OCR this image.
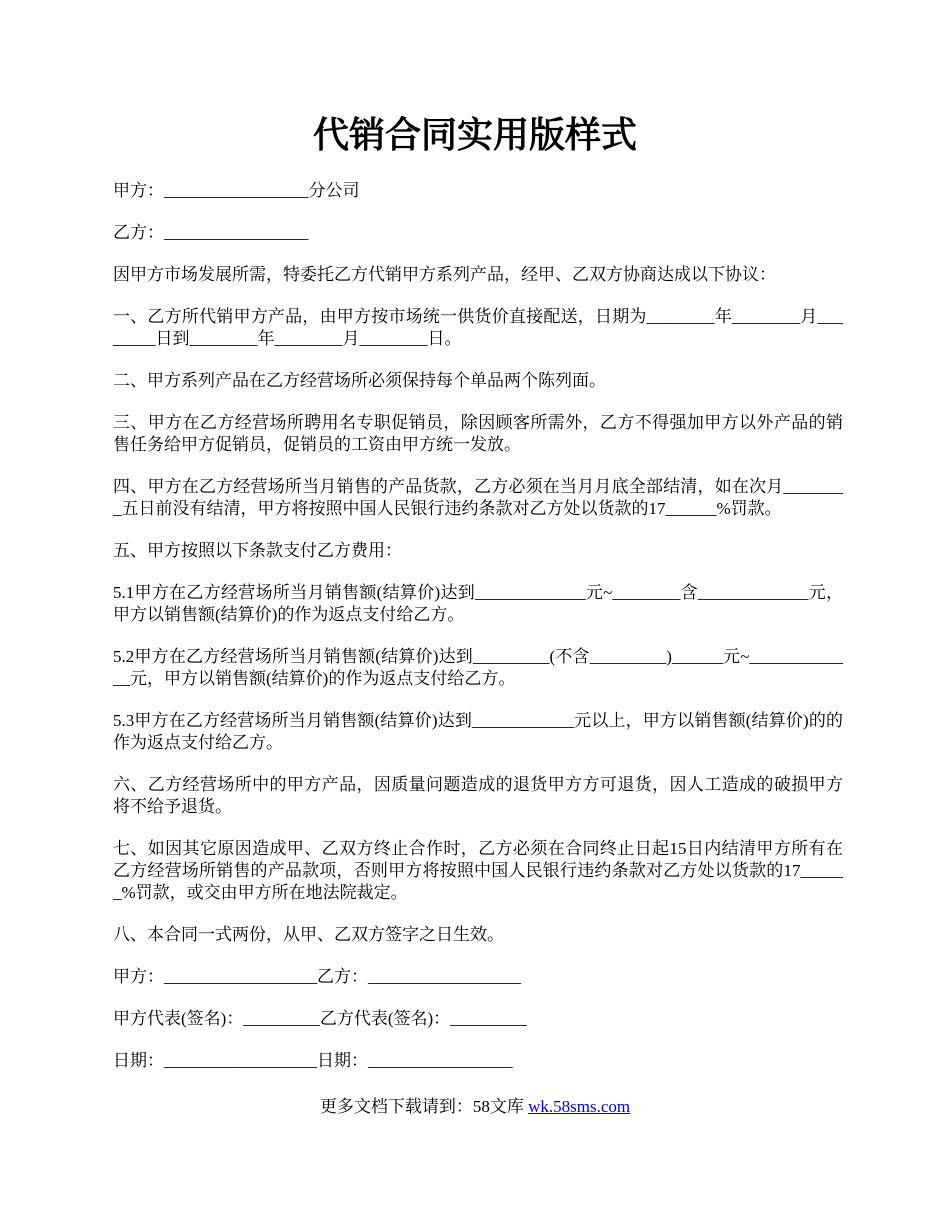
代销合同实用版样式

甲方：_________________分公司

乙方：_________________

因甲方市场发展所需，特委托乙方代销甲方系列产品，经甲、乙双方协商达成以下协议：

一、乙方所代销甲方产品，由甲方按市场统一供货价直接配送，日期为________年________月________日到________年________月________日。

二、甲方系列产品在乙方经营场所必须保持每个单品两个陈列面。

三、甲方在乙方经营场所聘用名专职促销员，除因顾客所需外，乙方不得强加甲方以外产品的销售任务给甲方促销员，促销员的工资由甲方统一发放。

四、甲方在乙方经营场所当月销售的产品货款，乙方必须在当月月底全部结清，如在次月________五日前没有结清，甲方将按照中国人民银行违约条款对乙方处以货款的17______%罚款。

五、甲方按照以下条款支付乙方费用：

5.1甲方在乙方经营场所当月销售额(结算价)达到_____________元~________含_____________元，甲方以销售额(结算价)的作为返点支付给乙方。

5.2甲方在乙方经营场所当月销售额(结算价)达到_________(不含_________)______元~_____________元，甲方以销售额(结算价)的作为返点支付给乙方。

5.3甲方在乙方经营场所当月销售额(结算价)达到____________元以上，甲方以销售额(结算价)的的作为返点支付给乙方。

六、乙方经营场所中的甲方产品，因质量问题造成的退货甲方方可退货，因人工造成的破损甲方将不给予退货。

七、如因其它原因造成甲、乙双方终止合作时，乙方必须在合同终止日起15日内结清甲方所有在乙方经营场所销售的产品款项，否则甲方将按照中国人民银行违约条款对乙方处以货款的17______%罚款，或交由甲方所在地法院裁定。

八、本合同一式两份，从甲、乙双方签字之日生效。

甲方：__________________乙方：__________________

甲方代表(签名)：_________乙方代表(签名)：_________

日期：__________________日期：_________________

更多文档下载请到：58文库 wk.58sms.com
